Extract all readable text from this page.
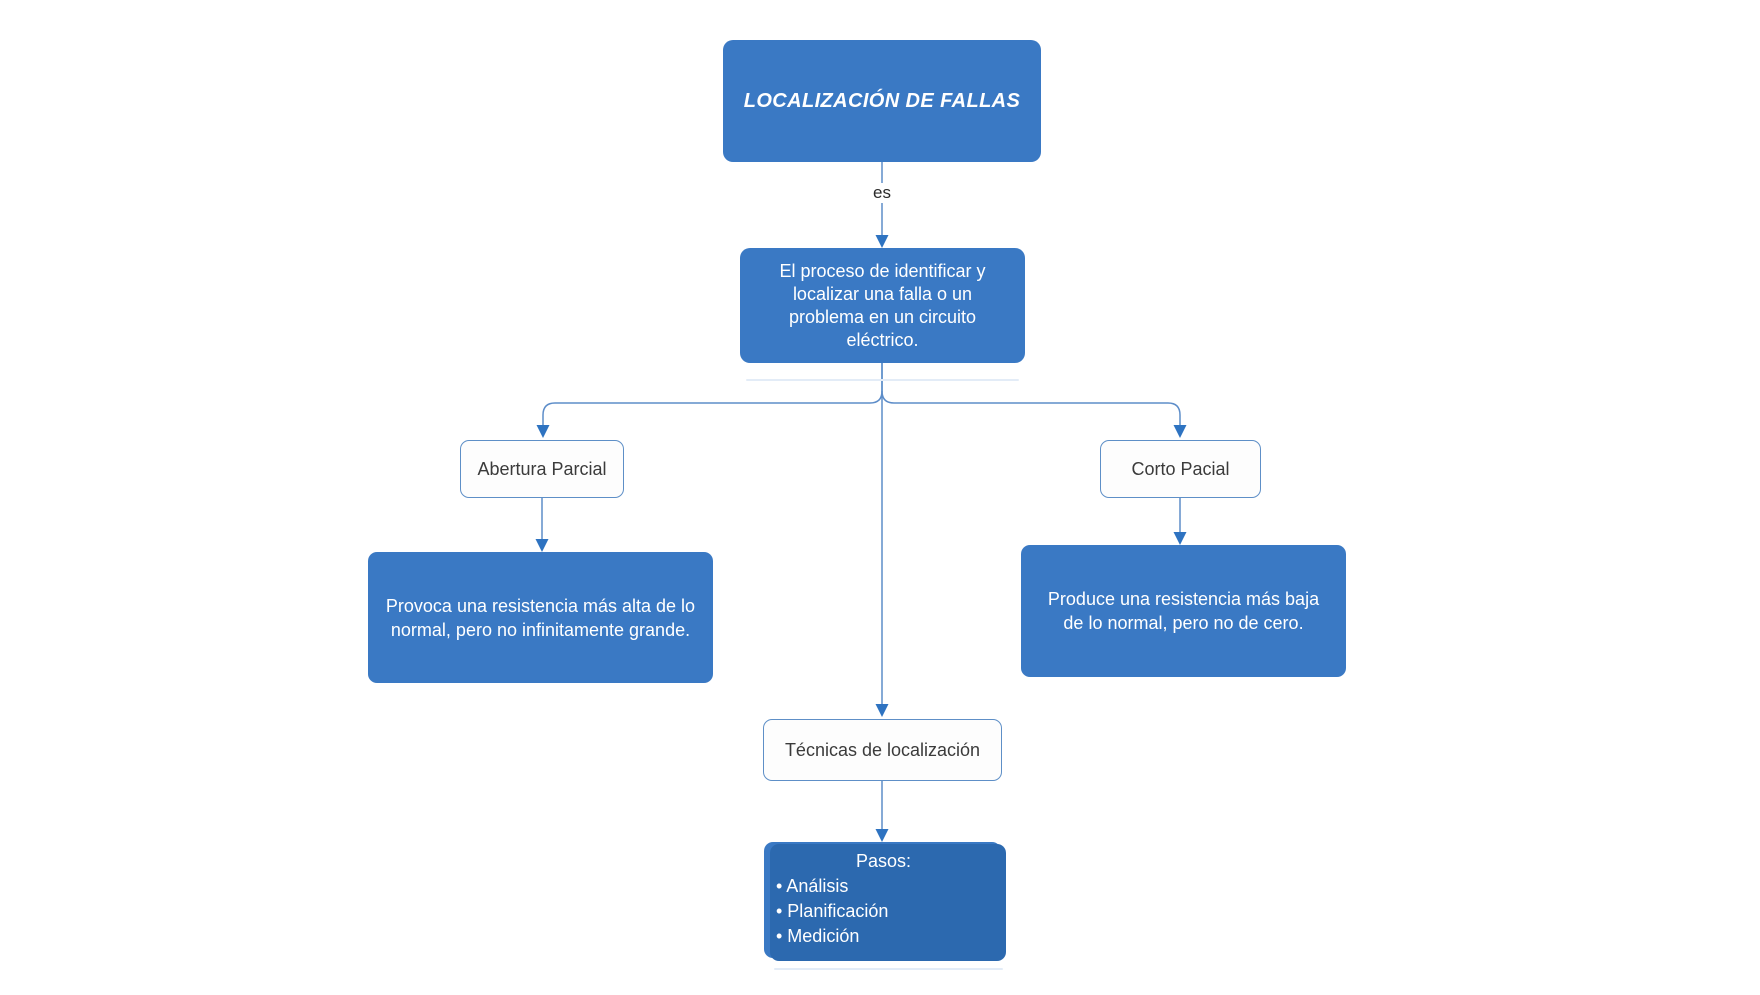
LOCALIZACIÓN DE FALLAS
es
El proceso de identificar y localizar una falla o un problema en un circuito eléctrico.
Abertura Parcial	Corto Pacial
Provoca una resistencia más alta de lo normal, pero no infinitamente grande.
Produce una resistencia más baja de lo normal, pero no de cero.
Técnicas de localización
Pasos:
• Análisis
• Planificación
• Medición
